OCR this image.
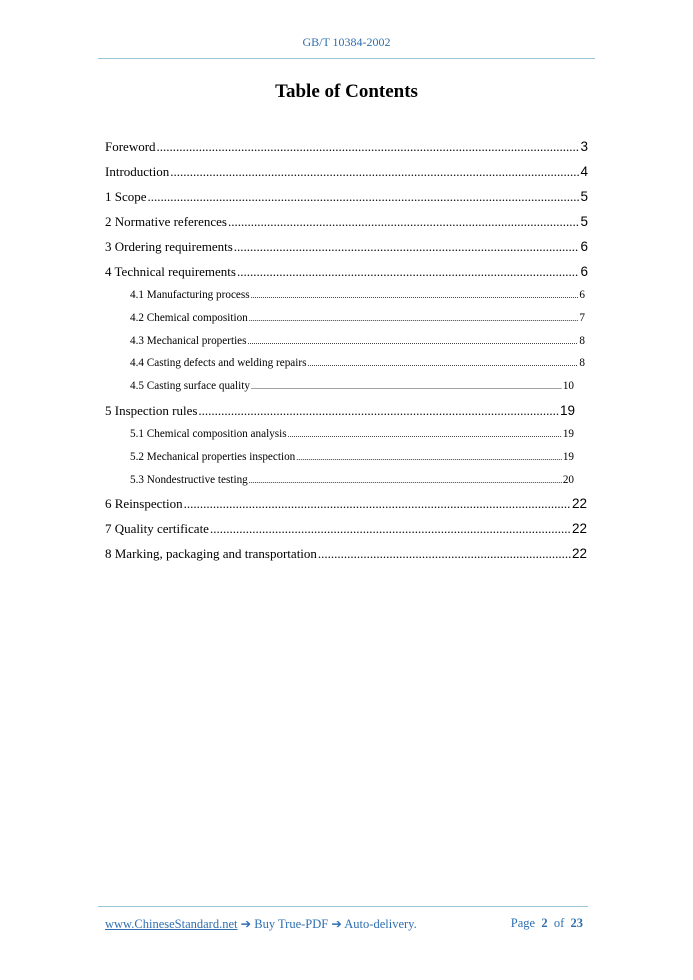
GB/T 10384-2002
Table of Contents
Foreword .....	3
Introduction .....	4
1 Scope .....	5
2 Normative references .....	5
3 Ordering requirements .....	6
4 Technical requirements .....	6
4.1 Manufacturing process .....	6
4.2 Chemical composition .....	7
4.3 Mechanical properties .....	8
4.4 Casting defects and welding repairs .....	8
4.5 Casting surface quality .....	10
5 Inspection rules .....	19
5.1 Chemical composition analysis .....	19
5.2 Mechanical properties inspection .....	19
5.3 Nondestructive testing .....	20
6 Reinspection .....	22
7 Quality certificate .....	22
8 Marking, packaging and transportation .....	22
www.ChineseStandard.net ➔ Buy True-PDF ➔ Auto-delivery.	Page 2 of 23
